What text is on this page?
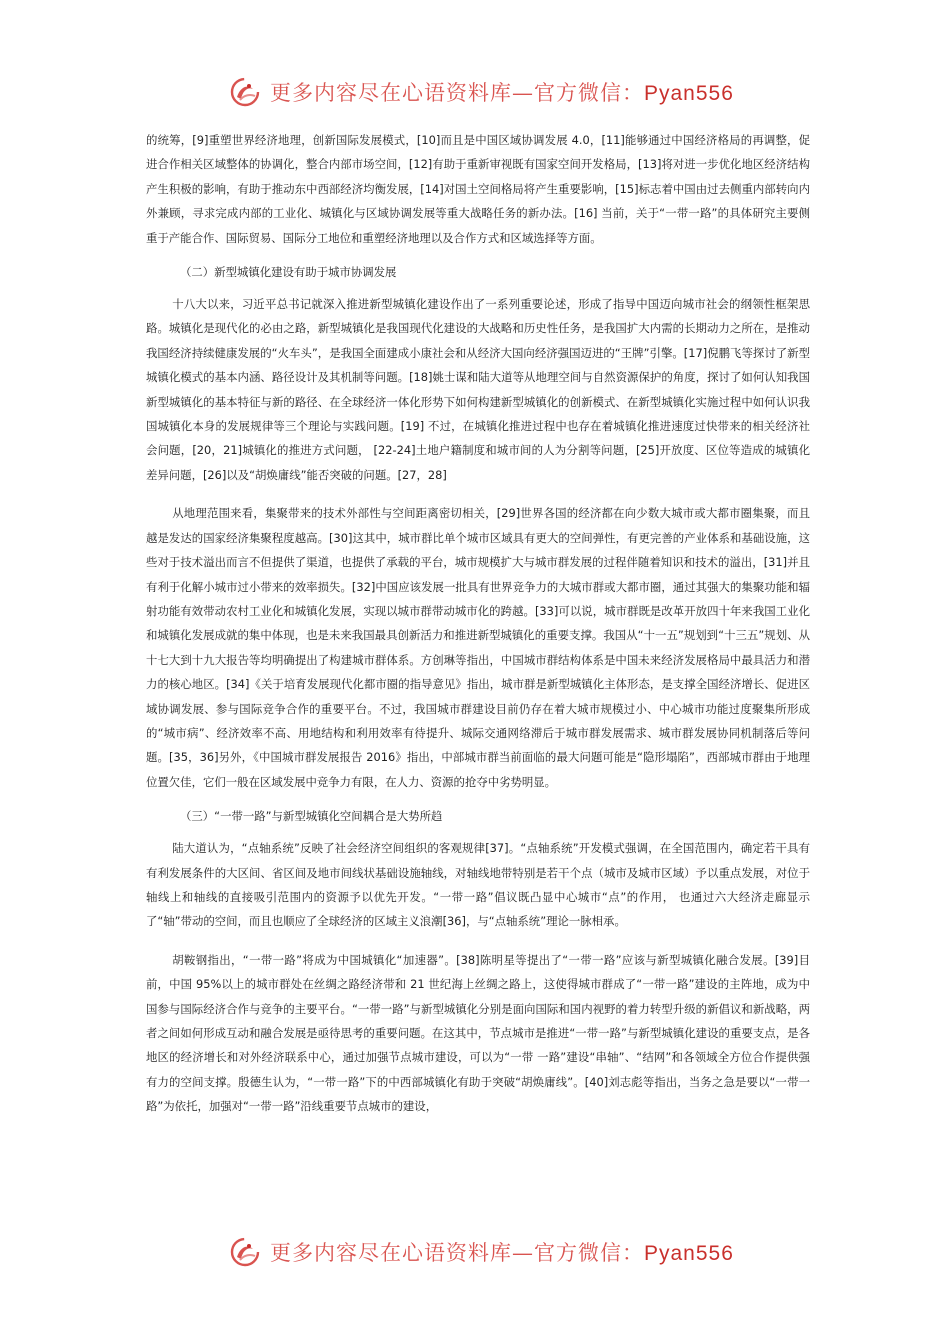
更多内容尽在心语资料库—官方微信：Pyan556

的统筹，[9]重塑世界经济地理，创新国际发展模式，[10]而且是中国区域协调发展 4.0，[11]能够通过中国经济格局的再调整，促进合作相关区域整体的协调化，整合内部市场空间，[12]有助于重新审视既有国家空间开发格局，[13]将对进一步优化地区经济结构产生积极的影响，有助于推动东中西部经济均衡发展，[14]对国土空间格局将产生重要影响，[15]标志着中国由过去侧重内部转向内外兼顾，寻求完成内部的工业化、城镇化与区域协调发展等重大战略任务的新办法。[16] 当前，关于“一带一路”的具体研究主要侧重于产能合作、国际贸易、国际分工地位和重塑经济地理以及合作方式和区域选择等方面。

（二）新型城镇化建设有助于城市协调发展

十八大以来，习近平总书记就深入推进新型城镇化建设作出了一系列重要论述，形成了指导中国迈向城市社会的纲领性框架思路。城镇化是现代化的必由之路，新型城镇化是我国现代化建设的大战略和历史性任务，是我国扩大内需的长期动力之所在，是推动我国经济持续健康发展的“火车头”，是我国全面建成小康社会和从经济大国向经济强国迈进的“王牌”引擎。[17]倪鹏飞等探讨了新型城镇化模式的基本内涵、路径设计及其机制等问题。[18]姚士谋和陆大道等从地理空间与自然资源保护的角度，探讨了如何认知我国新型城镇化的基本特征与新的路径、在全球经济一体化形势下如何构建新型城镇化的创新模式、在新型城镇化实施过程中如何认识我国城镇化本身的发展规律等三个理论与实践问题。[19] 不过，在城镇化推进过程中也存在着城镇化推进速度过快带来的相关经济社会问题，[20，21]城镇化的推进方式问题， [22-24]土地户籍制度和城市间的人为分割等问题，[25]开放度、区位等造成的城镇化差异问题，[26]以及“胡焕庸线”能否突破的问题。[27，28]

从地理范围来看，集聚带来的技术外部性与空间距离密切相关，[29]世界各国的经济都在向少数大城市或大都市圈集聚，而且越是发达的国家经济集聚程度越高。[30]这其中，城市群比单个城市区域具有更大的空间弹性，有更完善的产业体系和基础设施，这些对于技术溢出而言不但提供了渠道，也提供了承载的平台，城市规模扩大与城市群发展的过程伴随着知识和技术的溢出，[31]并且有利于化解小城市过小带来的效率损失。[32]中国应该发展一批具有世界竞争力的大城市群或大都市圈，通过其强大的集聚功能和辐射功能有效带动农村工业化和城镇化发展，实现以城市群带动城市化的跨越。[33]可以说，城市群既是改革开放四十年来我国工业化和城镇化发展成就的集中体现，也是未来我国最具创新活力和推进新型城镇化的重要支撑。我国从“十一五”规划到“十三五”规划、从十七大到十九大报告等均明确提出了构建城市群体系。方创琳等指出，中国城市群结构体系是中国未来经济发展格局中最具活力和潜力的核心地区。[34]《关于培育发展现代化都市圈的指导意见》指出，城市群是新型城镇化主体形态，是支撑全国经济增长、促进区域协调发展、参与国际竞争合作的重要平台。不过，我国城市群建设目前仍存在着大城市规模过小、中心城市功能过度聚集所形成的“城市病”、经济效率不高、用地结构和利用效率有待提升、城际交通网络滞后于城市群发展需求、城市群发展协同机制落后等问题。[35，36]另外，《中国城市群发展报告 2016》指出，中部城市群当前面临的最大问题可能是“隐形塌陷”，西部城市群由于地理位置欠佳，它们一般在区域发展中竞争力有限，在人力、资源的抢夺中劣势明显。

（三）“一带一路”与新型城镇化空间耦合是大势所趋

陆大道认为，“点轴系统”反映了社会经济空间组织的客观规律[37]。“点轴系统”开发模式强调，在全国范围内，确定若干具有有利发展条件的大区间、省区间及地市间线状基础设施轴线，对轴线地带特别是若干个点（城市及城市区域）予以重点发展，对位于轴线上和轴线的直接吸引范围内的资源予以优先开发。“一带一路”倡议既凸显中心城市“点”的作用， 也通过六大经济走廊显示了“轴”带动的空间，而且也顺应了全球经济的区域主义浪潮[36]，与“点轴系统”理论一脉相承。

胡鞍钢指出，“一带一路”将成为中国城镇化“加速器”。[38]陈明星等提出了“一带一路”应该与新型城镇化融合发展。[39]目前，中国 95%以上的城市群处在丝绸之路经济带和 21 世纪海上丝绸之路上，这使得城市群成了“一带一路”建设的主阵地，成为中国参与国际经济合作与竞争的主要平台。“一带一路”与新型城镇化分别是面向国际和国内视野的着力转型升级的新倡议和新战略，两者之间如何形成互动和融合发展是亟待思考的重要问题。在这其中，节点城市是推进“一带一路”与新型城镇化建设的重要支点，是各地区的经济增长和对外经济联系中心，通过加强节点城市建设，可以为“一带 一路”建设“串轴”、“结网”和各领域全方位合作提供强有力的空间支撑。殷德生认为，“一带一路”下的中西部城镇化有助于突破“胡焕庸线”。[40]刘志彪等指出，当务之急是要以“一带一路”为依托，加强对“一带一路”沿线重要节点城市的建设，

更多内容尽在心语资料库—官方微信：Pyan556
